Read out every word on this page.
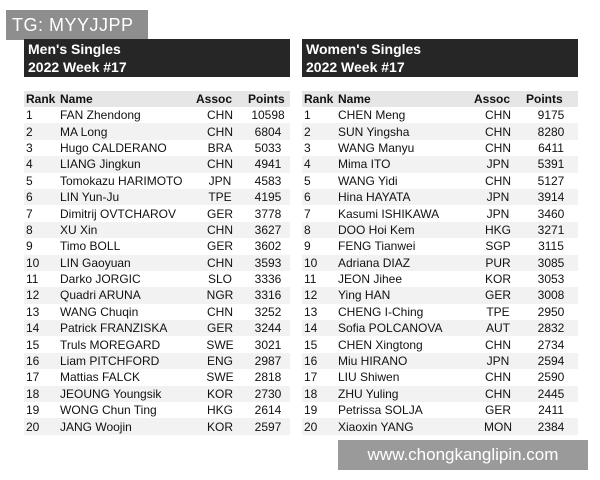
TG: MYYJJPP
Men's Singles
2022 Week #17
Rank	Name	Assoc	Points
1	FAN Zhendong	CHN	10598
2	MA Long	CHN	6804
3	Hugo CALDERANO	BRA	5033
4	LIANG Jingkun	CHN	4941
5	Tomokazu HARIMOTO	JPN	4583
6	LIN Yun-Ju	TPE	4195
7	Dimitrij OVTCHAROV	GER	3778
8	XU Xin	CHN	3627
9	Timo BOLL	GER	3602
10	LIN Gaoyuan	CHN	3593
11	Darko JORGIC	SLO	3336
12	Quadri ARUNA	NGR	3316
13	WANG Chuqin	CHN	3252
14	Patrick FRANZISKA	GER	3244
15	Truls MOREGARD	SWE	3021
16	Liam PITCHFORD	ENG	2987
17	Mattias FALCK	SWE	2818
18	JEOUNG Youngsik	KOR	2730
19	WONG Chun Ting	HKG	2614
20	JANG Woojin	KOR	2597
Women's Singles
2022 Week #17
Rank	Name	Assoc	Points
1	CHEN Meng	CHN	9175
2	SUN Yingsha	CHN	8280
3	WANG Manyu	CHN	6411
4	Mima ITO	JPN	5391
5	WANG Yidi	CHN	5127
6	Hina HAYATA	JPN	3914
7	Kasumi ISHIKAWA	JPN	3460
8	DOO Hoi Kem	HKG	3271
9	FENG Tianwei	SGP	3115
10	Adriana DIAZ	PUR	3085
11	JEON Jihee	KOR	3053
12	Ying HAN	GER	3008
13	CHENG I-Ching	TPE	2950
14	Sofia POLCANOVA	AUT	2832
15	CHEN Xingtong	CHN	2734
16	Miu HIRANO	JPN	2594
17	LIU Shiwen	CHN	2590
18	ZHU Yuling	CHN	2445
19	Petrissa SOLJA	GER	2411
20	Xiaoxin YANG	MON	2384
www.chongkanglipin.com
